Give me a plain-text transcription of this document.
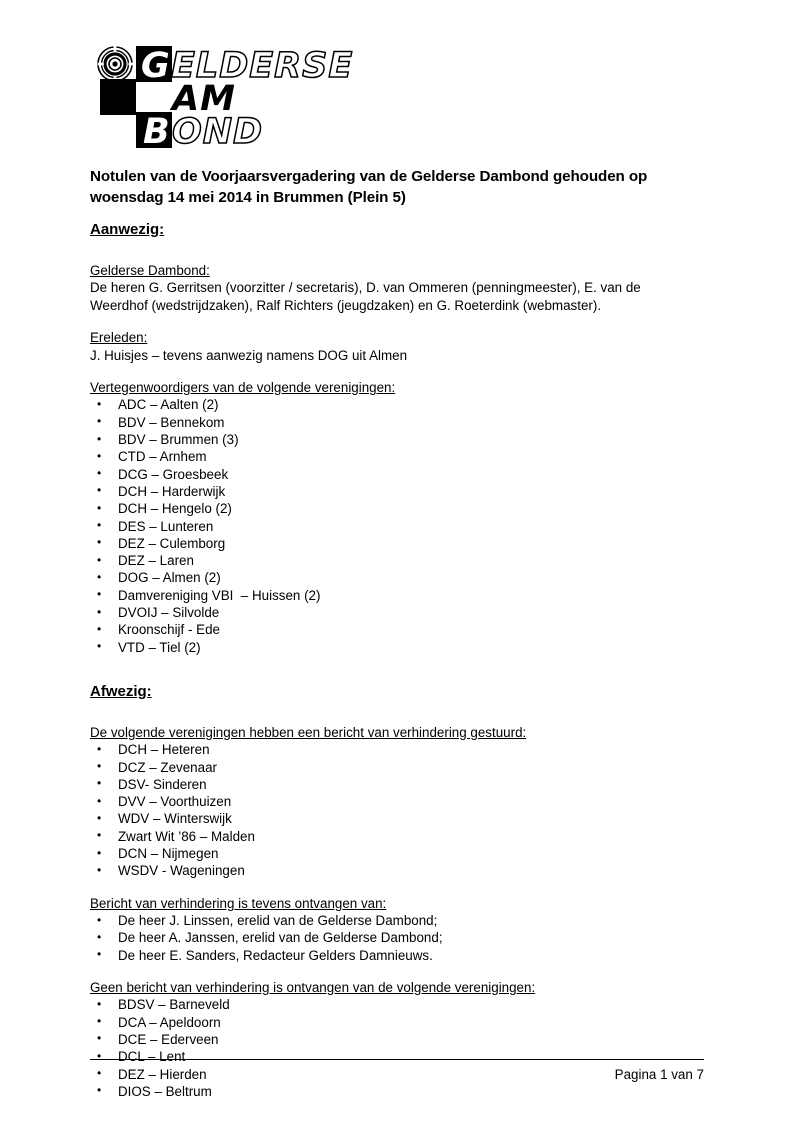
G ELDERSE
D AM
B OND
Notulen van de Voorjaarsvergadering van de Gelderse Dambond gehouden op woensdag 14 mei 2014 in Brummen (Plein 5)
Aanwezig:
Gelderse Dambond:

De heren G. Gerritsen (voorzitter / secretaris), D. van Ommeren (penningmeester), E. van de

Weerdhof (wedstrijdzaken), Ralf Richters (jeugdzaken) en G. Roeterdink (webmaster).

Ereleden:

J. Huisjes – tevens aanwezig namens DOG uit Almen

Vertegenwoordigers van de volgende verenigingen:
• ADC – Aalten (2)
• BDV – Bennekom
• BDV – Brummen (3)
• CTD – Arnhem
• DCG – Groesbeek
• DCH – Harderwijk
• DCH – Hengelo (2)
• DES – Lunteren
• DEZ – Culemborg
• DEZ – Laren
• DOG – Almen (2)
• Damvereniging VBI  – Huissen (2)
• DVOIJ – Silvolde
• Kroonschijf - Ede
• VTD – Tiel (2)
Afwezig:
De volgende verenigingen hebben een bericht van verhindering gestuurd:
• DCH – Heteren
• DCZ – Zevenaar
• DSV- Sinderen
• DVV – Voorthuizen
• WDV – Winterswijk
• Zwart Wit ’86 – Malden
• DCN – Nijmegen
• WSDV - Wageningen
Bericht van verhindering is tevens ontvangen van:
• De heer J. Linssen, erelid van de Gelderse Dambond;
• De heer A. Janssen, erelid van de Gelderse Dambond;
• De heer E. Sanders, Redacteur Gelders Damnieuws.
Geen bericht van verhindering is ontvangen van de volgende verenigingen:
• BDSV – Barneveld
• DCA – Apeldoorn
• DCE – Ederveen
• DCL – Lent
• DEZ – Hierden
• DIOS – Beltrum
Pagina 1 van 7
